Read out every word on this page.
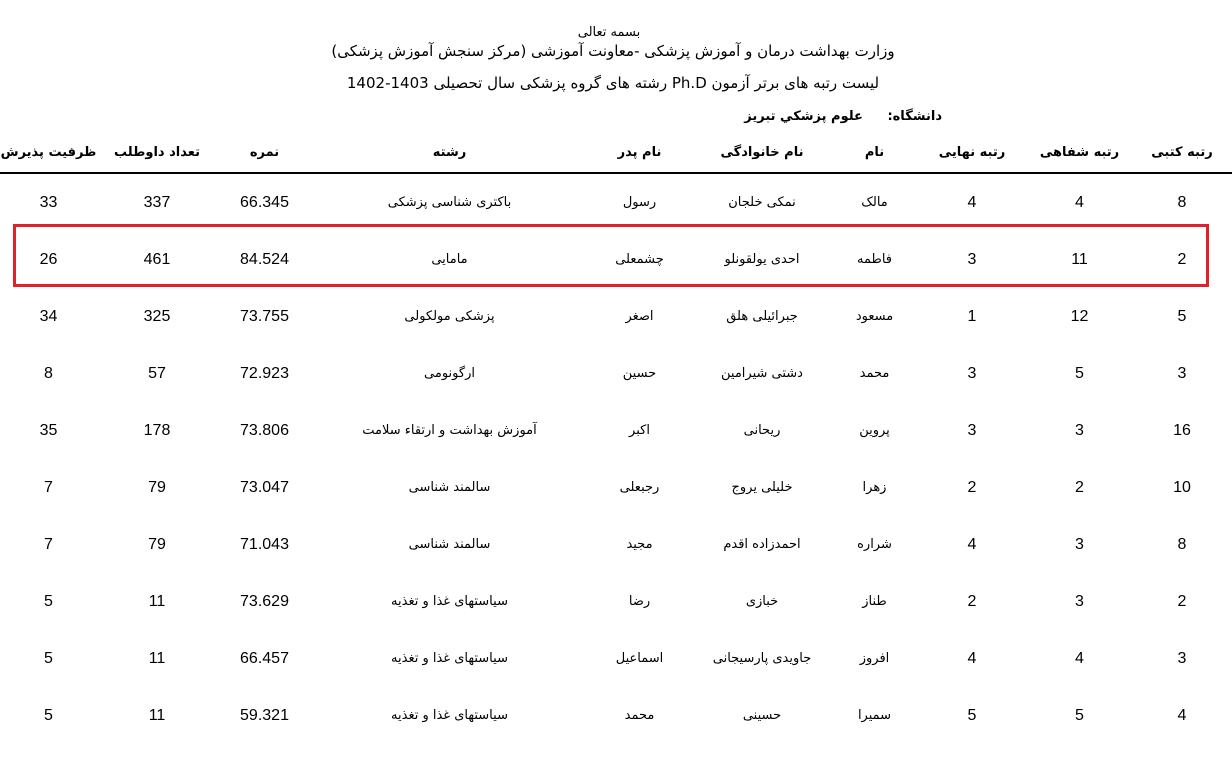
بسمه تعالی
وزارت بهداشت درمان و آموزش پزشکی -معاونت آموزشی (مرکز سنجش آموزش پزشکی)
لیست رتبه های برتر آزمون Ph.D رشته های گروه پزشکی سال تحصیلی 1403-1402
دانشگاه: علوم پزشکي تبريز
رتبه کتبی	رتبه شفاهی	رتبه نهایی	نام	نام خانوادگی	نام پدر	رشته	نمره	تعداد داوطلب	ظرفیت پذیرش
8	4	4	مالک	نمکی خلجان	رسول	باکتری شناسی پزشکی	66.345	337	33
2	11	3	فاطمه	احدی یولقونلو	چشمعلی	مامایی	84.524	461	26
5	12	1	مسعود	جبرائیلی هلق	اصغر	پزشکی مولکولی	73.755	325	34
3	5	3	محمد	دشتی شیرامین	حسین	ارگونومی	72.923	57	8
16	3	3	پروین	ریحانی	اکبر	آموزش بهداشت و ارتقاء سلامت	73.806	178	35
10	2	2	زهرا	خلیلی یروج	رجبعلی	سالمند شناسی	73.047	79	7
8	3	4	شراره	احمدزاده اقدم	مجید	سالمند شناسی	71.043	79	7
2	3	2	طناز	خبازی	رضا	سیاستهای غذا و تغذیه	73.629	11	5
3	4	4	افروز	جاویدی پارسیجانی	اسماعیل	سیاستهای غذا و تغذیه	66.457	11	5
4	5	5	سمیرا	حسینی	محمد	سیاستهای غذا و تغذیه	59.321	11	5
